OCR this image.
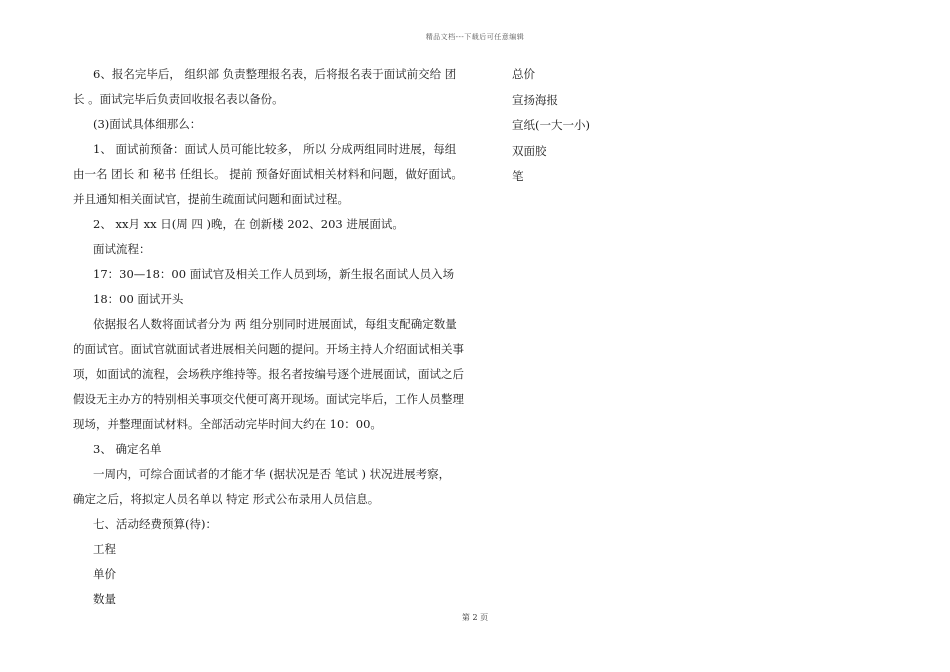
精品文档---下载后可任意编辑
6、报名完毕后， 组织部 负责整理报名表，后将报名表于面试前交给 团
长 。面试完毕后负责回收报名表以备份。
(3)面试具体细那么：
1、 面试前预备：面试人员可能比较多， 所以 分成两组同时进展，每组
由一名 团长 和 秘书 任组长。 提前 预备好面试相关材料和问题，做好面试。
并且通知相关面试官，提前生疏面试问题和面试过程。
2、 xx月 xx 日(周 四 )晚，在 创新楼 202、203 进展面试。
面试流程：
17：30—18：00 面试官及相关工作人员到场，新生报名面试人员入场
18：00 面试开头
依据报名人数将面试者分为 两 组分别同时进展面试，每组支配确定数量
的面试官。面试官就面试者进展相关问题的提问。开场主持人介绍面试相关事
项，如面试的流程，会场秩序维持等。报名者按编号逐个进展面试，面试之后
假设无主办方的特别相关事项交代便可离开现场。面试完毕后，工作人员整理
现场，并整理面试材料。全部活动完毕时间大约在 10：00。
3、 确定名单
一周内，可综合面试者的才能才华 (据状况是否 笔试 ) 状况进展考察，
确定之后，将拟定人员名单以 特定 形式公布录用人员信息。
七、活动经费预算(待)：
工程
单价
数量
总价
宣扬海报
宣纸(一大一小)
双面胶
笔
第 2 页
